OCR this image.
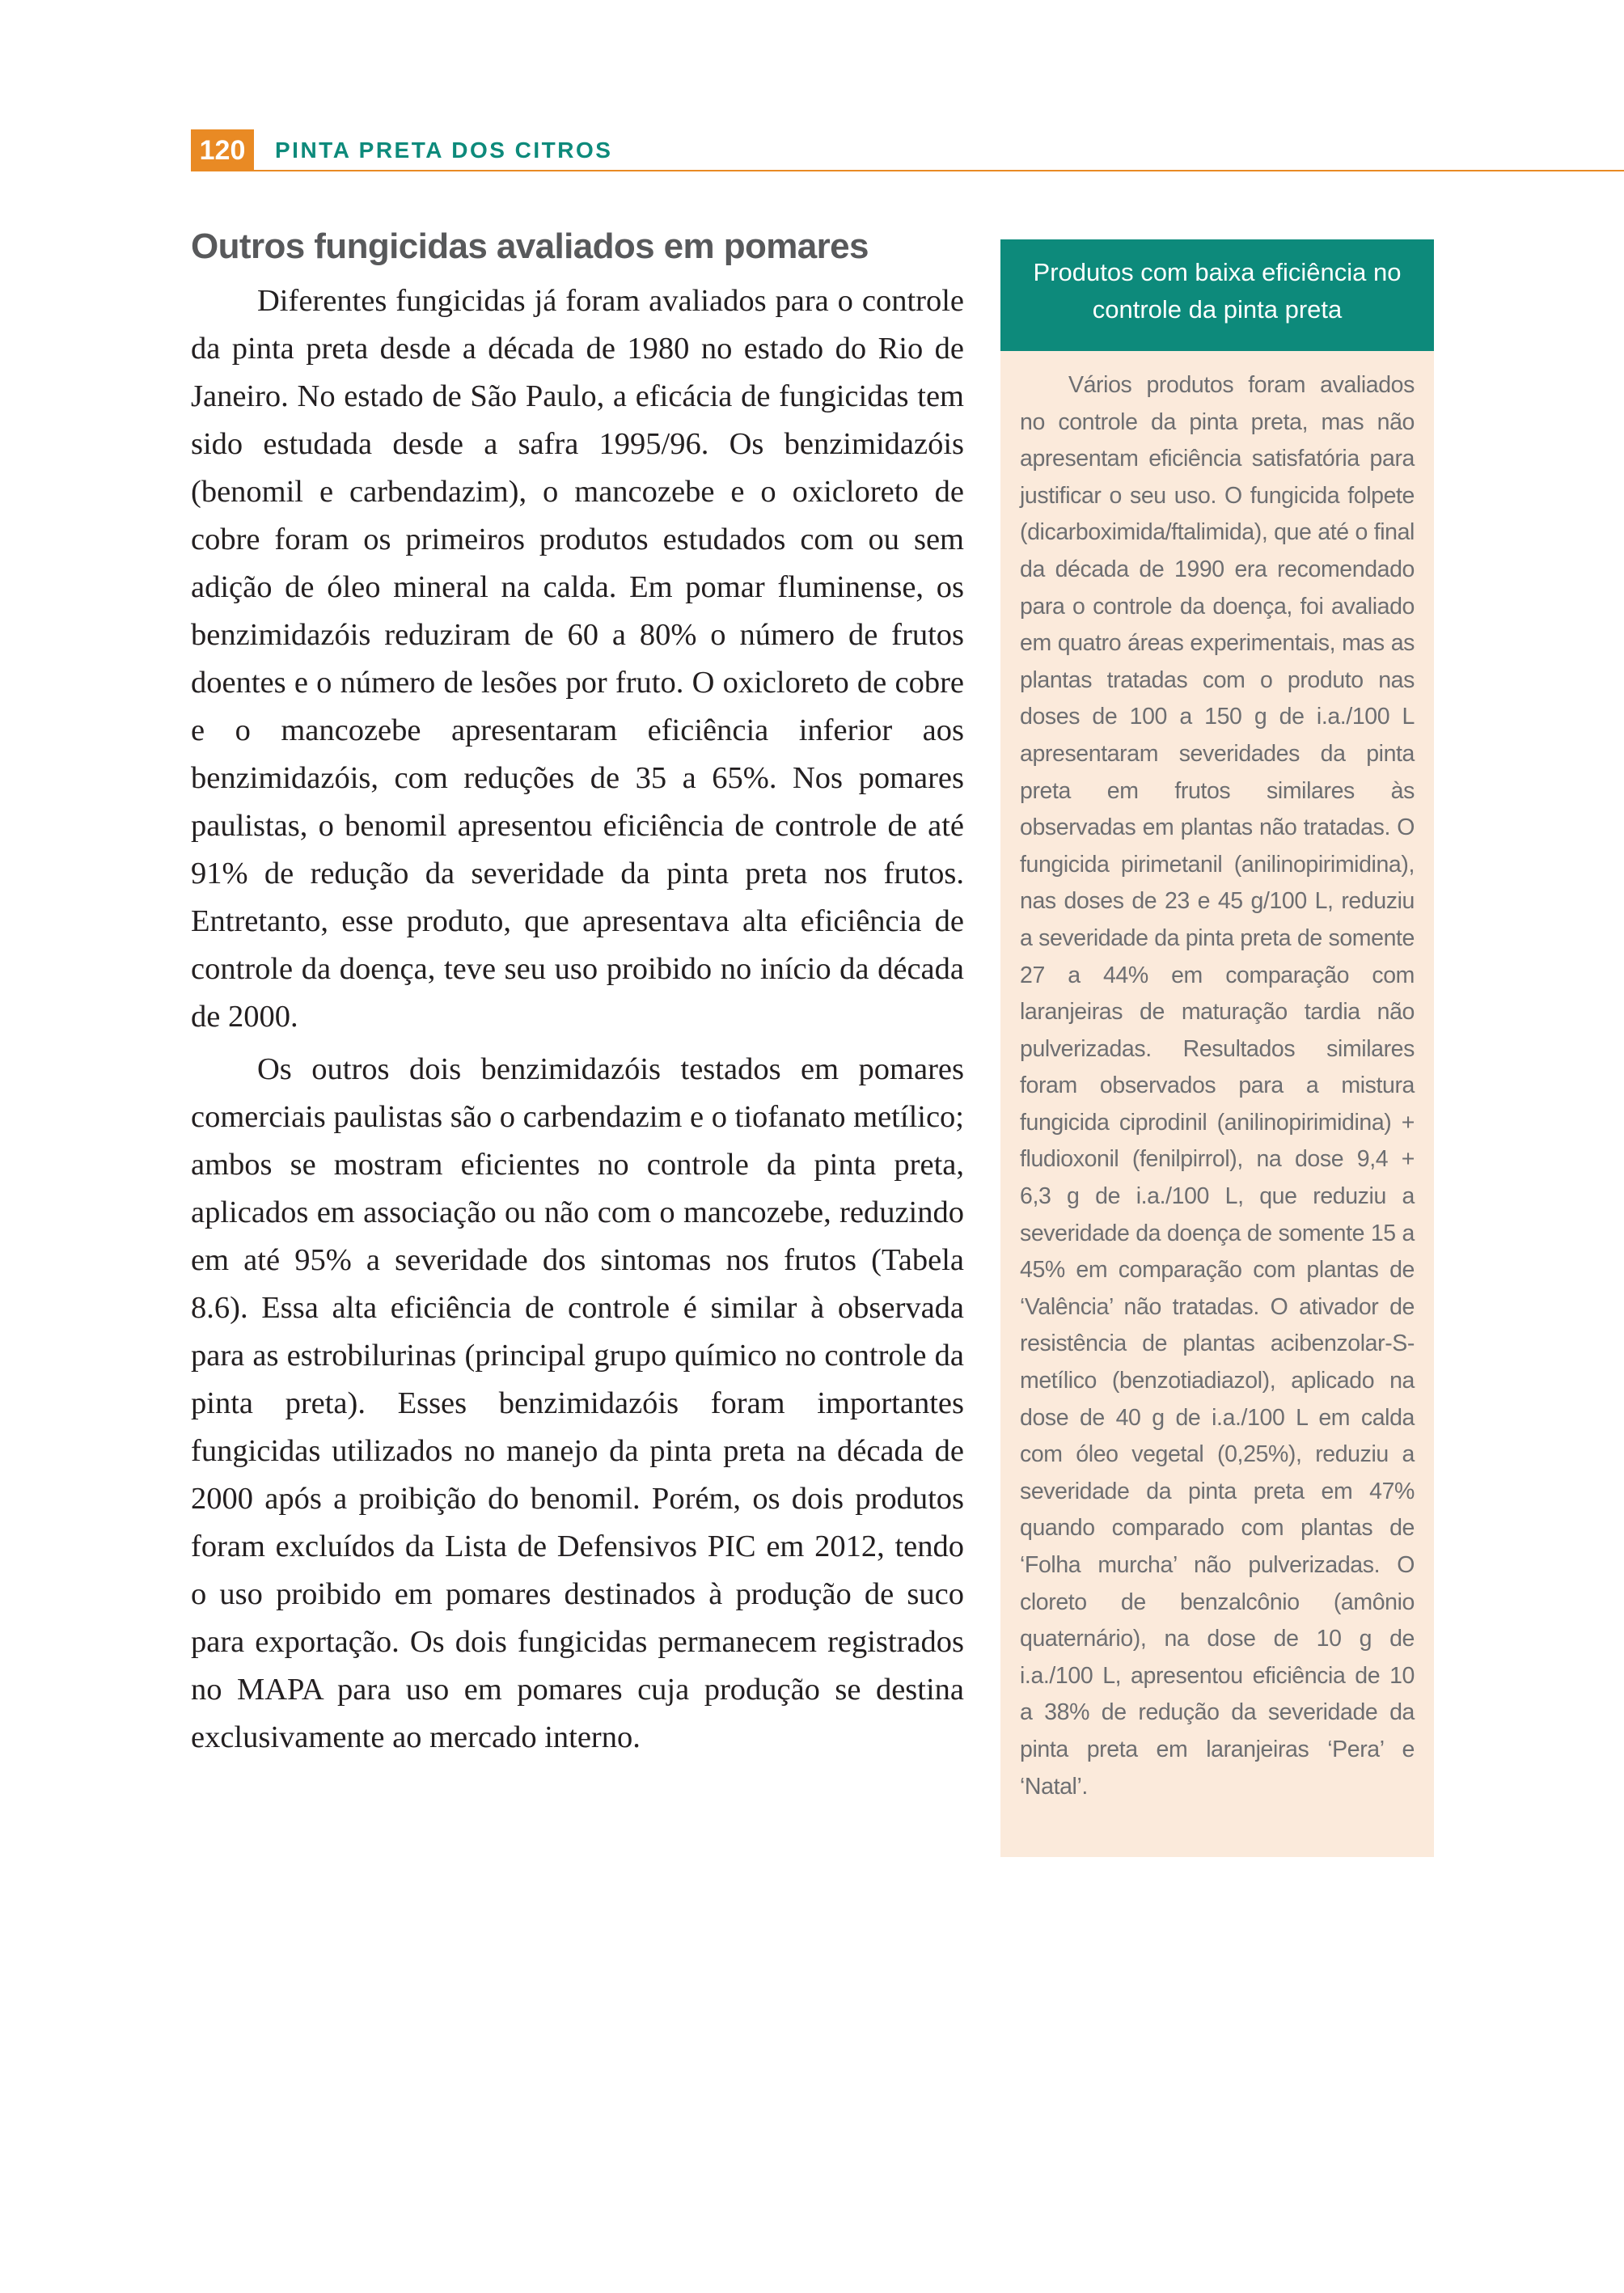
120	PINTA PRETA DOS CITROS
Outros fungicidas avaliados em pomares

Diferentes fungicidas já foram avaliados para o controle da pinta preta desde a década de 1980 no estado do Rio de Janeiro. No estado de São Paulo, a eficácia de fungicidas tem sido estudada desde a safra 1995/96. Os benzimidazóis (benomil e carbendazim), o mancozebe e o oxicloreto de cobre foram os primeiros produtos estudados com ou sem adição de óleo mineral na calda. Em pomar fluminense, os benzimidazóis reduziram de 60 a 80% o número de frutos doentes e o número de lesões por fruto. O oxicloreto de cobre e o mancozebe apresentaram eficiência inferior aos benzimidazóis, com reduções de 35 a 65%. Nos pomares paulistas, o benomil apresentou eficiência de controle de até 91% de redução da severidade da pinta preta nos frutos. Entretanto, esse produto, que apresentava alta eficiência de controle da doença, teve seu uso proibido no início da década de 2000.

Os outros dois benzimidazóis testados em pomares comerciais paulistas são o carbendazim e o tiofanato metílico; ambos se mostram eficientes no controle da pinta preta, aplicados em associação ou não com o mancozebe, reduzindo em até 95% a severidade dos sintomas nos frutos (Tabela 8.6). Essa alta eficiência de controle é similar à observada para as estrobilurinas (principal grupo químico no controle da pinta preta). Esses benzimidazóis foram importantes fungicidas utilizados no manejo da pinta preta na década de 2000 após a proibição do benomil. Porém, os dois produtos foram excluídos da Lista de Defensivos PIC em 2012, tendo o uso proibido em pomares destinados à produção de suco para exportação. Os dois fungicidas permanecem registrados no MAPA para uso em pomares cuja produção se destina exclusivamente ao mercado interno.

Produtos com baixa eficiência no controle da pinta preta
Vários produtos foram avaliados no controle da pinta preta, mas não apresentam eficiência satisfatória para justificar o seu uso. O fungicida folpete (dicarboximida/ftalimida), que até o final da década de 1990 era recomendado para o controle da doença, foi avaliado em quatro áreas experimentais, mas as plantas tratadas com o produto nas doses de 100 a 150 g de i.a./100 L apresentaram severidades da pinta preta em frutos similares às observadas em plantas não tratadas. O fungicida pirimetanil (anilinopirimidina), nas doses de 23 e 45 g/100 L, reduziu a severidade da pinta preta de somente 27 a 44% em comparação com laranjeiras de maturação tardia não pulverizadas. Resultados similares foram observados para a mistura fungicida ciprodinil (anilinopirimidina) + fludioxonil (fenilpirrol), na dose 9,4 + 6,3 g de i.a./100 L, que reduziu a severidade da doença de somente 15 a 45% em comparação com plantas de ‘Valência’ não tratadas. O ativador de resistência de plantas acibenzolar-S-metílico (benzotiadiazol), aplicado na dose de 40 g de i.a./100 L em calda com óleo vegetal (0,25%), reduziu a severidade da pinta preta em 47% quando comparado com plantas de ‘Folha murcha’ não pulverizadas. O cloreto de benzalcônio (amônio quaternário), na dose de 10 g de i.a./100 L, apresentou eficiência de 10 a 38% de redução da severidade da pinta preta em laranjeiras ‘Pera’ e ‘Natal’.
